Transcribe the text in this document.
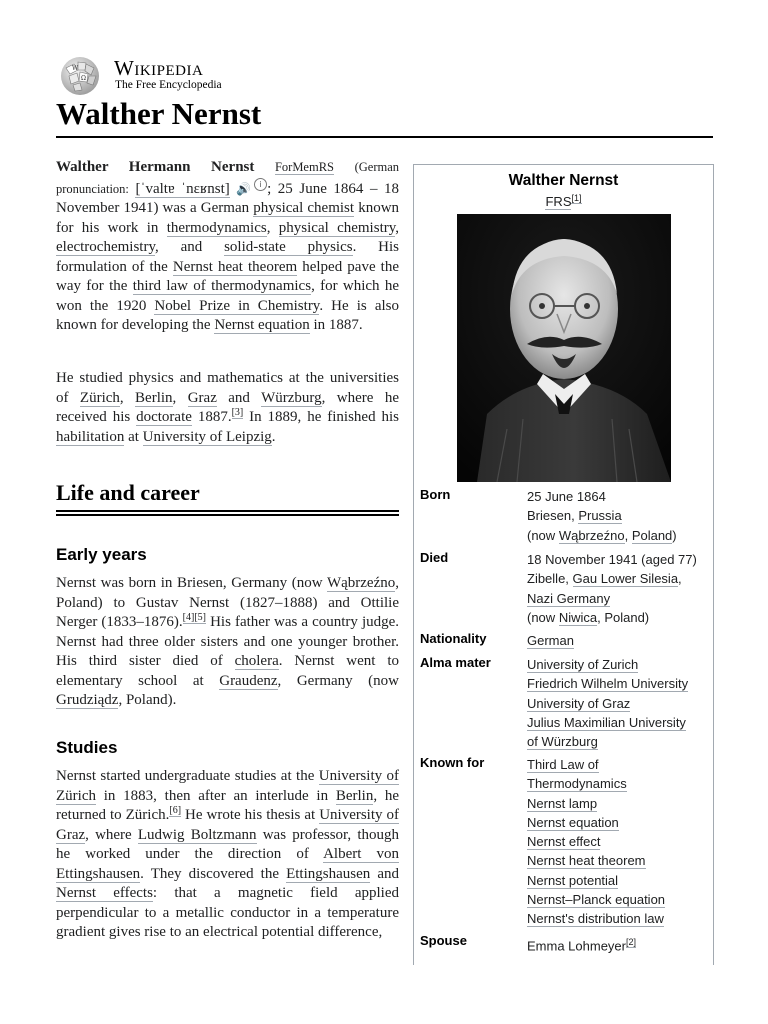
W
Ω Wikipedia
The Free Encyclopedia
Walther Nernst

Walther Hermann Nernst ForMemRS (German pronunciation: [ˈvaltɐ ˈnɛʁnst] 🔊 $^i$ ; 25 June 1864 – 18 November 1941) was a German physical chemist known for his work in thermodynamics, physical chemistry, electrochemistry, and solid-state physics. His formulation of the Nernst heat theorem helped pave the way for the third law of thermodynamics, for which he won the 1920 Nobel Prize in Chemistry. He is also known for developing the Nernst equation in 1887.

He studied physics and mathematics at the universities of Zürich, Berlin, Graz and Würzburg, where he received his doctorate 1887.[3] In 1889, he finished his habilitation at University of Leipzig.

Life and career
Early years

Nernst was born in Briesen, Germany (now Wąbrzeźno, Poland) to Gustav Nernst (1827–1888) and Ottilie Nerger (1833–1876).[4][5] His father was a country judge. Nernst had three older sisters and one younger brother. His third sister died of cholera. Nernst went to elementary school at Graudenz, Germany (now Grudziądz, Poland).

Studies

Nernst started undergraduate studies at the University of Zürich in 1883, then after an interlude in Berlin, he returned to Zürich.[6] He wrote his thesis at University of Graz, where Ludwig Boltzmann was professor, though he worked under the direction of Albert von Ettingshausen. They discovered the Ettingshausen and Nernst effects: that a magnetic field applied perpendicular to a metallic conductor in a temperature gradient gives rise to an electrical potential difference,

Walther Nernst
FRS[1]
Born	25 June 1864
Briesen, Prussia
(now Wąbrzeźno, Poland)
Died	18 November 1941 (aged 77)
Zibelle, Gau Lower Silesia,
Nazi Germany
(now Niwica, Poland)
Nationality	German
Alma mater	University of Zurich
Friedrich Wilhelm University
University of Graz
Julius Maximilian University
of Würzburg
Known for	Third Law of
Thermodynamics
Nernst lamp
Nernst equation
Nernst effect
Nernst heat theorem
Nernst potential
Nernst–Planck equation
Nernst's distribution law
Spouse	Emma Lohmeyer[2]
